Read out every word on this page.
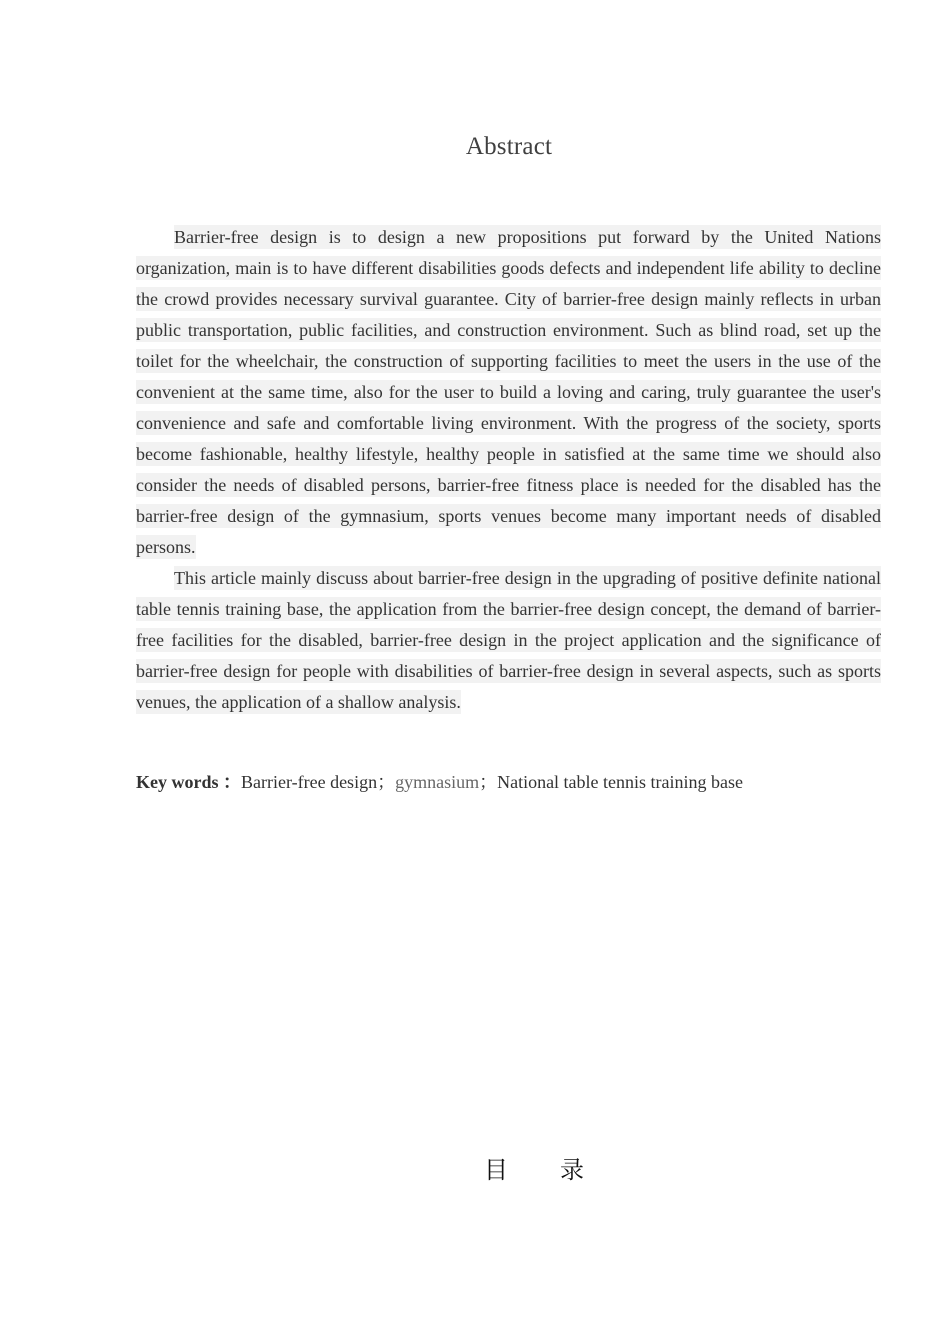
Abstract

Barrier-free design is to design a new propositions put forward by the United Nations organization, main is to have different disabilities goods defects and independent life ability to decline the crowd provides necessary survival guarantee. City of barrier-free design mainly reflects in urban public transportation, public facilities, and construction environment. Such as blind road, set up the toilet for the wheelchair, the construction of supporting facilities to meet the users in the use of the convenient at the same time, also for the user to build a loving and caring, truly guarantee the user's convenience and safe and comfortable living environment. With the progress of the society, sports become fashionable, healthy lifestyle, healthy people in satisfied at the same time we should also consider the needs of disabled persons, barrier-free fitness place is needed for the disabled has the barrier-free design of the gymnasium, sports venues become many important needs of disabled persons.

This article mainly discuss about barrier-free design in the upgrading of positive definite national table tennis training base, the application from the barrier-free design concept, the demand of barrier-free facilities for the disabled, barrier-free design in the project application and the significance of barrier-free design for people with disabilities of barrier-free design in several aspects, such as sports venues, the application of a shallow analysis.

Key words ：Barrier-free design；gymnasium；National table tennis training base
目 录
